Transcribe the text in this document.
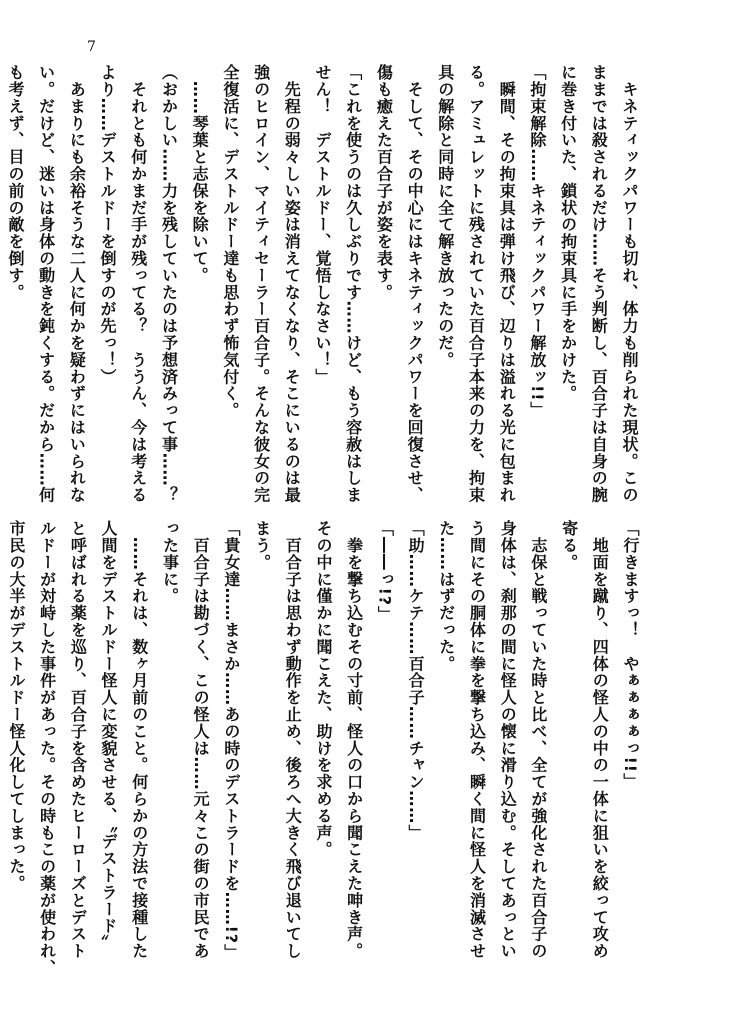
7
　キネティックパワーも切れ、体力も削られた現状。この
ままでは殺されるだけ……そう判断し、百合子は自身の腕
に巻き付いた、鎖状の拘束具に手をかけた。
「拘束解除……キネティックパワー解放ッ!!」
　瞬間、その拘束具は弾け飛び、辺りは溢れる光に包まれ
る。アミュレットに残されていた百合子本来の力を、拘束
具の解除と同時に全て解き放ったのだ。
　そして、その中心にはキネティックパワーを回復させ、
傷も癒えた百合子が姿を表す。
「これを使うのは久しぶりです……けど、もう容赦はしま
せん！　デストルドー、覚悟しなさい！」
　先程の弱々しい姿は消えてなくなり、そこにいるのは最
強のヒロイン、マイティセーラー百合子。そんな彼女の完
全復活に、デストルドー達も思わず怖気付く。
　……琴葉と志保を除いて。
（おかしい……力を残していたのは予想済みって事……？
　それとも何かまだ手が残ってる？　ううん、今は考える
より……デストルドーを倒すのが先っ！）
　あまりにも余裕そうな二人に何かを疑わずにはいられな
い。だけど、迷いは身体の動きを鈍くする。だから……何
も考えず、目の前の敵を倒す。
「行きますっ！　やぁぁぁぁっ!!」
　地面を蹴り、四体の怪人の中の一体に狙いを絞って攻め
寄る。
　志保と戦っていた時と比べ、全てが強化された百合子の
身体は、刹那の間に怪人の懐に滑り込む。そしてあっとい
う間にその胴体に拳を撃ち込み、瞬く間に怪人を消滅させ
た……はずだった。
「助……ケテ……百合子……チャン……」
「――っ!?」
　拳を撃ち込むその寸前、怪人の口から聞こえた呻き声。
その中に僅かに聞こえた、助けを求める声。
　百合子は思わず動作を止め、後ろへ大きく飛び退いてし
まう。
「貴女達……まさか……あの時のデストラードを……!?」
　百合子は勘づく、この怪人は……元々この街の市民であ
った事に。
　……それは、数ヶ月前のこと。何らかの方法で接種した
人間をデストルドー怪人に変貌させる、〝デストラード〟
と呼ばれる薬を巡り、百合子を含めたヒーローズとデスト
ルドーが対峙した事件があった。その時もこの薬が使われ、
市民の大半がデストルドー怪人化してしまった。
